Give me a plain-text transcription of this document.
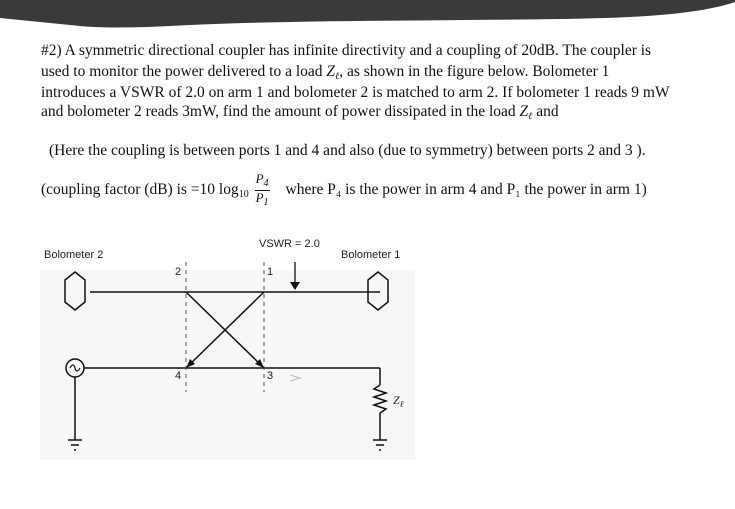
#2) A symmetric directional coupler has infinite directivity and a coupling of 20dB. The coupler is
used to monitor the power delivered to a load $Z_\ell$, as shown in the figure below. Bolometer 1
introduces a VSWR of 2.0 on arm 1 and bolometer 2 is matched to arm 2. If bolometer 1 reads 9 mW
and bolometer 2 reads 3mW, find the amount of power dissipated in the load $Z_\ell$ and
(Here the coupling is between ports 1 and 4 and also (due to symmetry) between ports 2 and 3 ).
(coupling factor (dB) is =10 $\log_{10} \frac{P_4}{P_1}$ where P₄ is the power in arm 4 and P₁ the power in arm 1)
VSWR = 2.0
Bolometer 2	Bolometer 1
2	1
4	3
$Z_\ell$
